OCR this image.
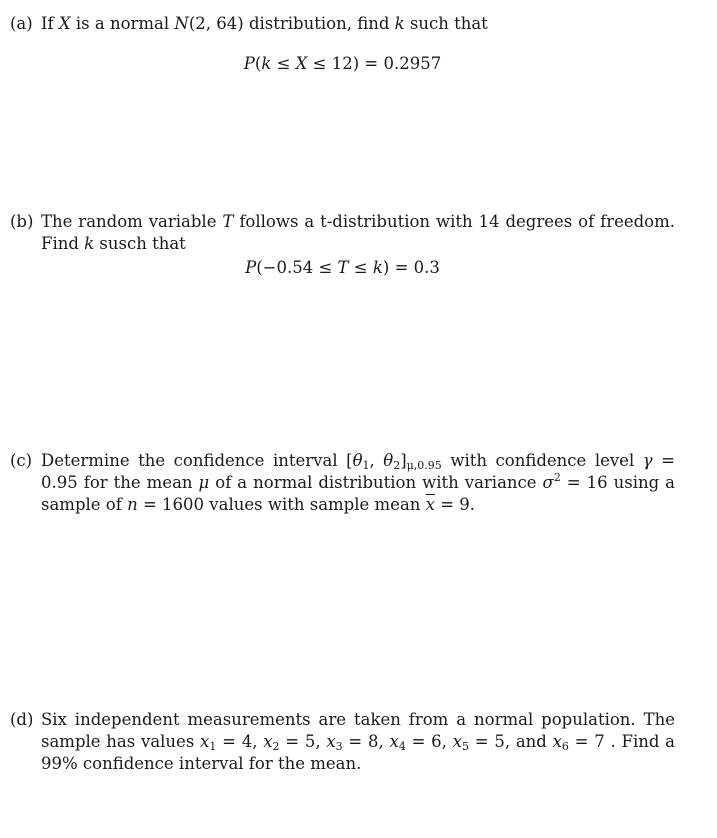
(a) If X is a normal N(2, 64) distribution, find k such that
P(k ≤ X ≤ 12) = 0.2957
(b) The random variable T follows a t-distribution with 14 degrees of freedom. Find k susch that
P(−0.54 ≤ T ≤ k) = 0.3
(c) Determine the confidence interval [$\theta_1$, $\theta_2]_{\mu,0.95}$ with confidence level γ = 0.95 for the mean μ of a normal distribution with variance $\sigma^2 = 16$ using a sample of n = 1600 values with sample mean $\overline{x} = 9$.
(d) Six independent measurements are taken from a normal population. The sample has values $x_1 = 4$, $x_2 = 5$, $x_3 = 8$, $x_4 = 6$, $x_5 = 5$, and $x_6 = 7$ . Find a 99% confidence interval for the mean.
